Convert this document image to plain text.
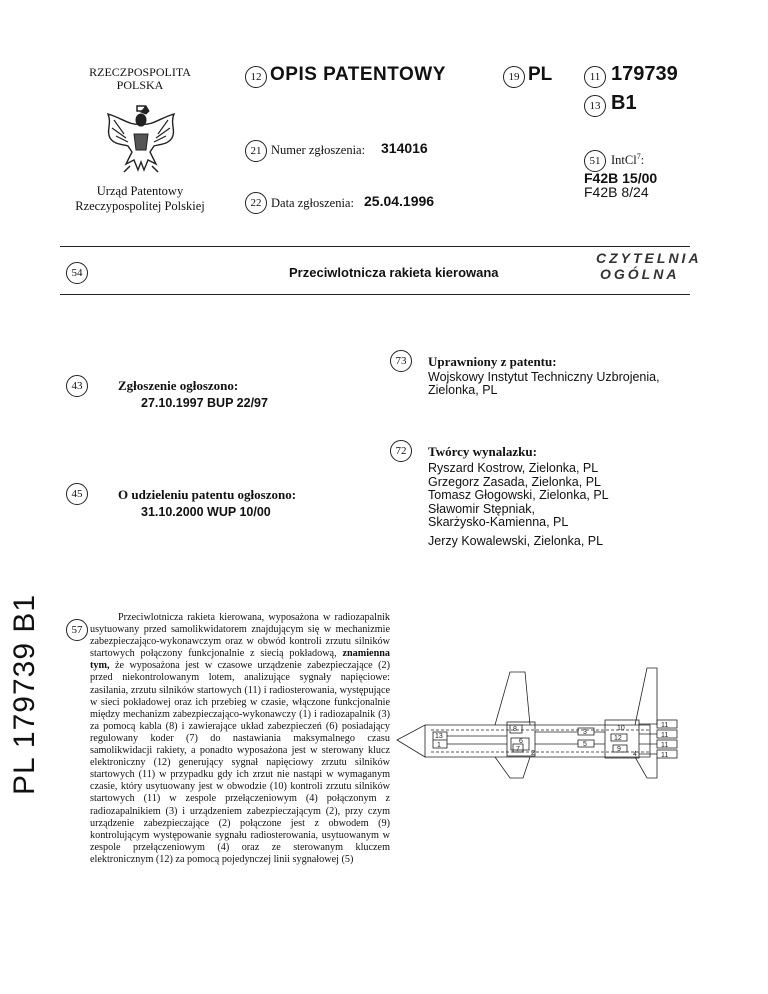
RZECZPOSPOLITA
POLSKA
Urząd Patentowy
Rzeczypospolitej Polskiej
12 OPIS PATENTOWY	19 PL	11 179739
13 B1
21 Numer zgłoszenia: 314016
51 IntCl$^7$:
F42B 15/00
F42B 8/24
22 Data zgłoszenia: 25.04.1996
CZYTELNIA
OGÓLNA
54	Przeciwlotnicza rakieta kierowana
73	Uprawniony z patentu:
Wojskowy Instytut Techniczny Uzbrojenia,
Zielonka, PL
43	Zgłoszenie ogłoszono:
27.10.1997 BUP 22/97
72	Twórcy wynalazku:
Ryszard Kostrow, Zielonka, PL
Grzegorz Zasada, Zielonka, PL
Tomasz Głogowski, Zielonka, PL
Sławomir Stępniak,
Skarżysko-Kamienna, PL
Jerzy Kowalewski, Zielonka, PL
45	O udzieleniu patentu ogłoszono:
31.10.2000 WUP 10/00
57
Przeciwlotnicza rakieta kierowana, wyposażona w radiozapalnik usytuowany przed samolikwidatorem znajdującym się w mechanizmie zabezpieczająco-wykonawczym oraz w obwód kontroli zrzutu silników startowych połączony funkcjonalnie z siecią pokładową, znamienna tym, że wyposażona jest w czasowe urządzenie zabezpieczające (2) przed niekontrolowanym lotem, analizujące sygnały napięciowe: zasilania, zrzutu silników startowych (11) i radiosterowania, występujące w sieci pokładowej oraz ich przebieg w czasie, włączone funkcjonalnie między mechanizm zabezpieczająco-wykonawczy (1) i radiozapalnik (3) za pomocą kabla (8) i zawierające układ zabezpieczeń (6) posiadający regulowany koder (7) do nastawiania maksymalnego czasu samolikwidacji rakiety, a ponadto wyposażona jest w sterowany klucz elektroniczny (12) generujący sygnał napięciowy zrzutu silników startowych (11) w przypadku gdy ich zrzut nie nastąpi w wymaganym czasie, który usytuowany jest w obwodzie (10) kontroli zrzutu silników startowych (11) w zespole przełączeniowym (4) połączonym z radiozapalnikiem (3) i urządzeniem zabezpieczającym (2), przy czym urządzenie zabezpieczające (2) połączone jest z obwodem (9) kontrolującym występowanie sygnału radiosterowania, usytuowanym w zespole przełączeniowym (4) oraz ze sterowanym kluczem elektronicznym (12) za pomocą pojedynczej linii sygnałowej (5)
PL 179739 B1	13
1
8
6
7
2
3
5
10
12
9
4
11
11
11
11
